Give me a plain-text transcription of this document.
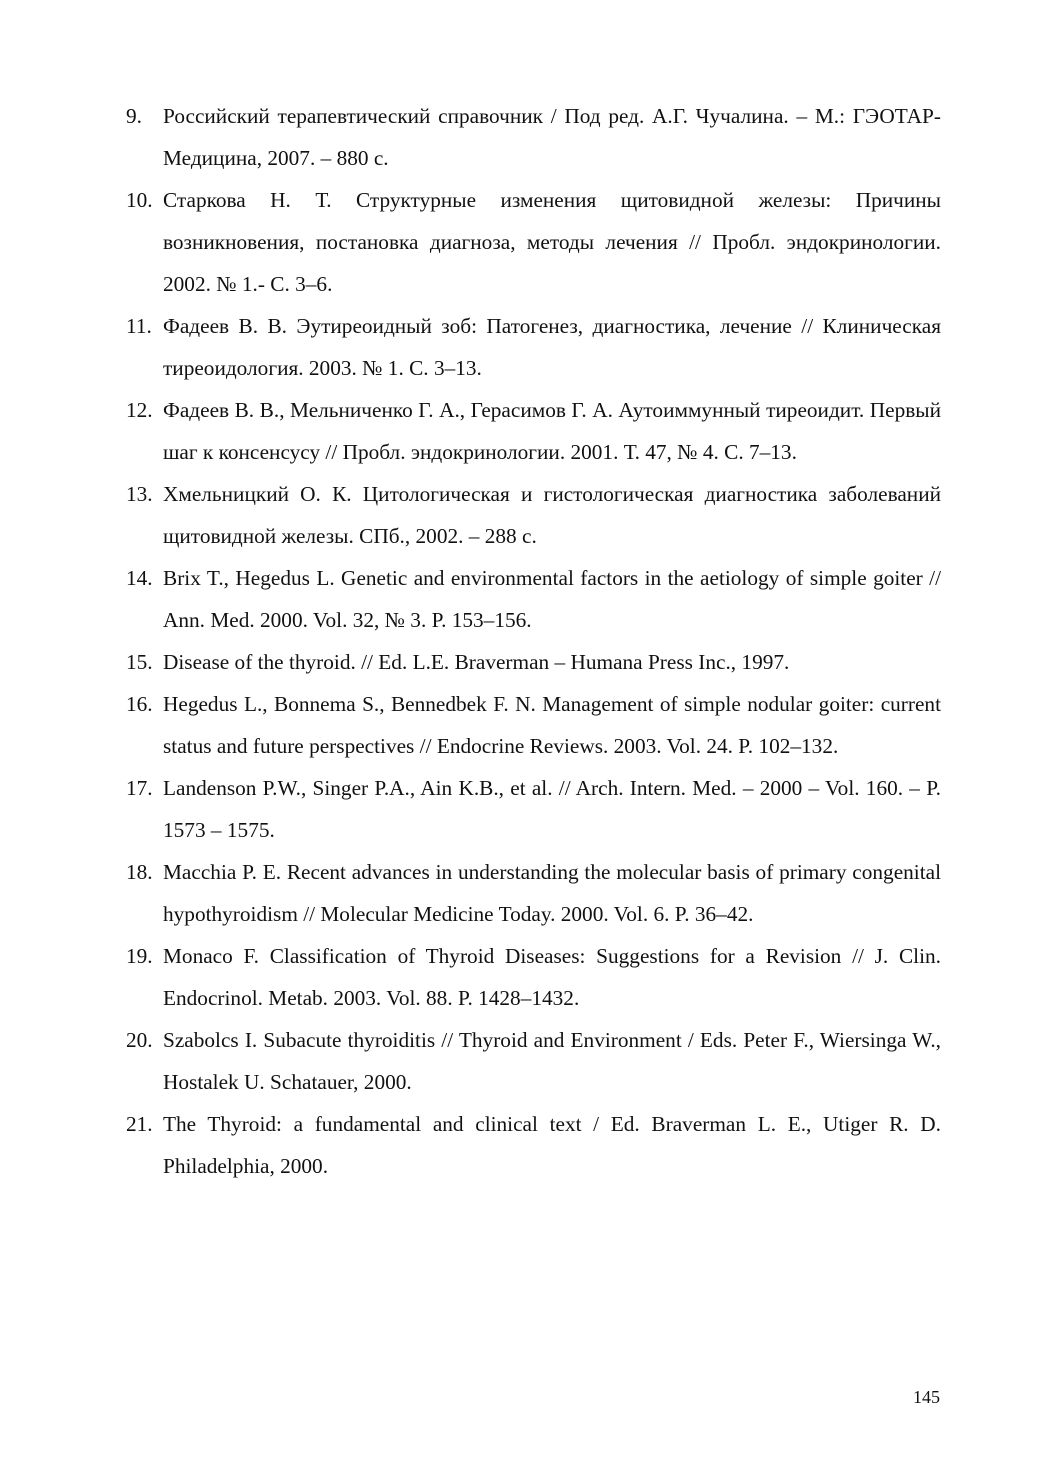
9. Российский терапевтический справочник / Под ред. А.Г. Чучалина. – М.: ГЭОТАР-Медицина, 2007. – 880 с.
10. Старкова Н. Т. Структурные изменения щитовидной железы: Причины возникновения, постановка диагноза, методы лечения // Пробл. эндокринологии. 2002. № 1.- С. 3–6.
11. Фадеев В. В. Эутиреоидный зоб: Патогенез, диагностика, лечение // Клиническая тиреоидология. 2003. № 1. С. 3–13.
12. Фадеев В. В., Мельниченко Г. А., Герасимов Г. А. Аутоиммунный тиреоидит. Первый шаг к консенсусу // Пробл. эндокринологии. 2001. Т. 47, № 4. С. 7–13.
13. Хмельницкий О. К. Цитологическая и гистологическая диагностика заболеваний щитовидной железы. СПб., 2002. – 288 с.
14. Brix T., Hegedus L. Genetic and environmental factors in the aetiology of simple goiter // Ann. Med. 2000. Vol. 32, № 3. P. 153–156.
15. Disease of the thyroid. // Ed. L.E. Braverman – Humana Press Inc., 1997.
16. Hegedus L., Bonnema S., Bennedbek F. N. Management of simple nodular goiter: current status and future perspectives // Endocrine Reviews. 2003. Vol. 24. P. 102–132.
17. Landenson P.W., Singer P.A., Ain K.B., et al. // Arch. Intern. Med. – 2000 – Vol. 160. – P. 1573 – 1575.
18. Macchia P. E. Recent advances in understanding the molecular basis of primary congenital hypothyroidism // Molecular Medicine Today. 2000. Vol. 6. P. 36–42.
19. Monaco F. Classification of Thyroid Diseases: Suggestions for a Revision // J. Clin. Endocrinol. Metab. 2003. Vol. 88. P. 1428–1432.
20. Szabolcs I. Subacute thyroiditis // Thyroid and Environment / Eds. Peter F., Wiersinga W., Hostalek U. Schatauer, 2000.
21. The Thyroid: a fundamental and clinical text / Ed. Braverman L. E., Utiger R. D. Philadelphia, 2000.
145
